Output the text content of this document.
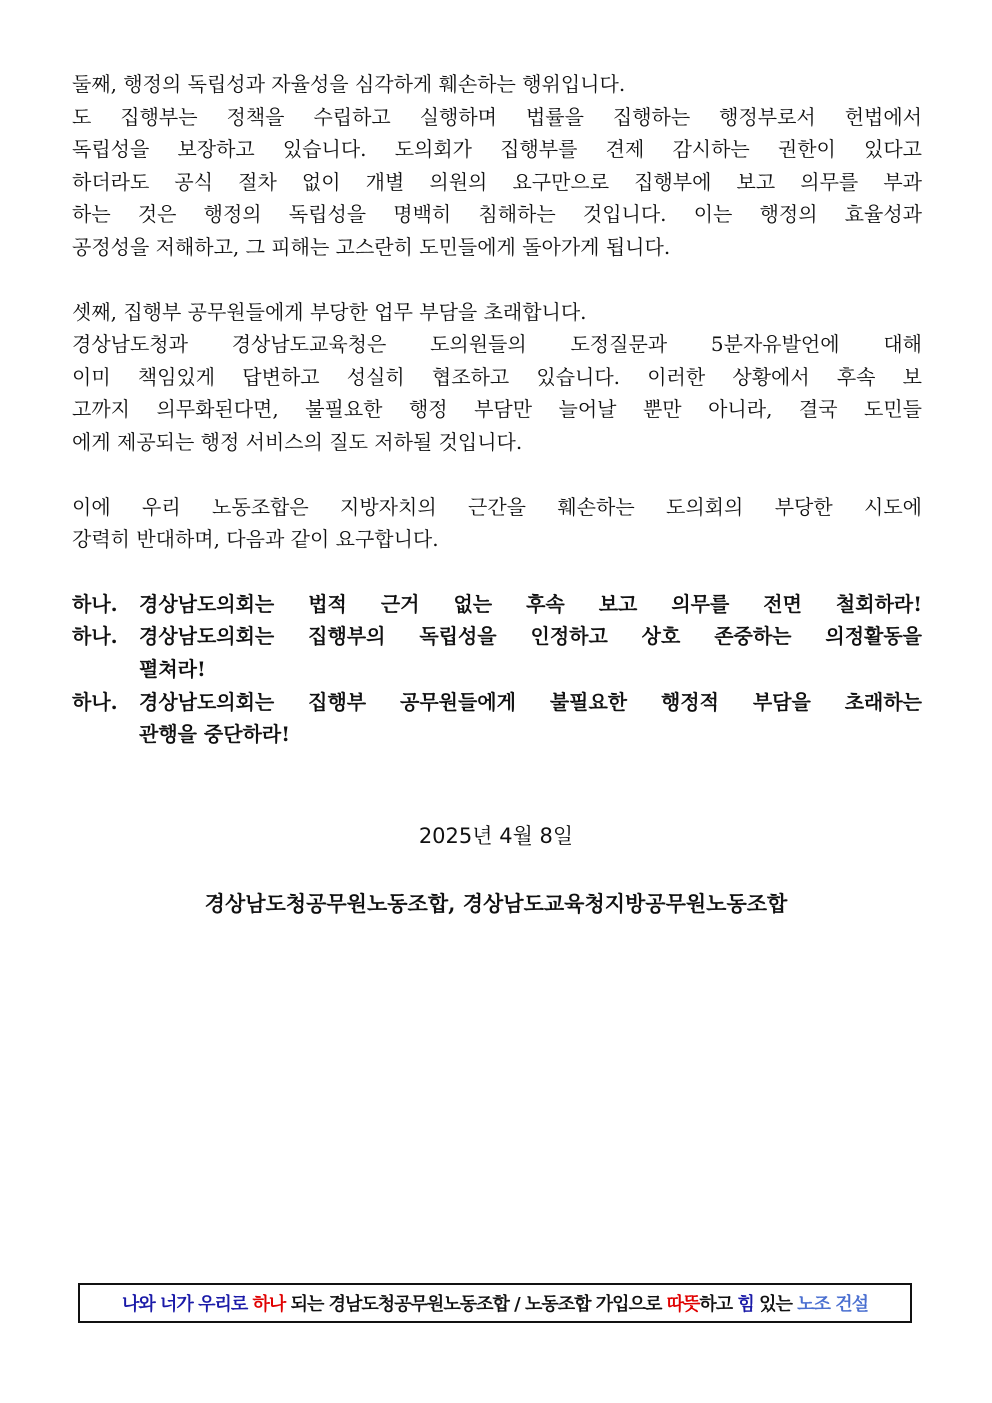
둘째, 행정의 독립성과 자율성을 심각하게 훼손하는 행위입니다.

도 집행부는 정책을 수립하고 실행하며 법률을 집행하는 행정부로서 헌법에서

독립성을 보장하고 있습니다. 도의회가 집행부를 견제 감시하는 권한이 있다고

하더라도 공식 절차 없이 개별 의원의 요구만으로 집행부에 보고 의무를 부과

하는 것은 행정의 독립성을 명백히 침해하는 것입니다. 이는 행정의 효율성과

공정성을 저해하고, 그 피해는 고스란히 도민들에게 돌아가게 됩니다.

셋째, 집행부 공무원들에게 부당한 업무 부담을 초래합니다.

경상남도청과 경상남도교육청은 도의원들의 도정질문과 5분자유발언에 대해

이미 책임있게 답변하고 성실히 협조하고 있습니다. 이러한 상황에서 후속 보

고까지 의무화된다면, 불필요한 행정 부담만 늘어날 뿐만 아니라, 결국 도민들

에게 제공되는 행정 서비스의 질도 저하될 것입니다.

이에 우리 노동조합은 지방자치의 근간을 훼손하는 도의회의 부당한 시도에

강력히 반대하며, 다음과 같이 요구합니다.

하나.	경상남도의회는 법적 근거 없는 후속 보고 의무를 전면 철회하라!

하나.	경상남도의회는 집행부의 독립성을 인정하고 상호 존중하는 의정활동을

펼쳐라!

하나.	경상남도의회는 집행부 공무원들에게 불필요한 행정적 부담을 초래하는

관행을 중단하라!

2025년 4월 8일
경상남도청공무원노동조합, 경상남도교육청지방공무원노동조합
나와 너가 우리로 하나 되는 경남도청공무원노동조합 / 노동조합 가입으로 따뜻 하고 힘 있는 노조 건설
